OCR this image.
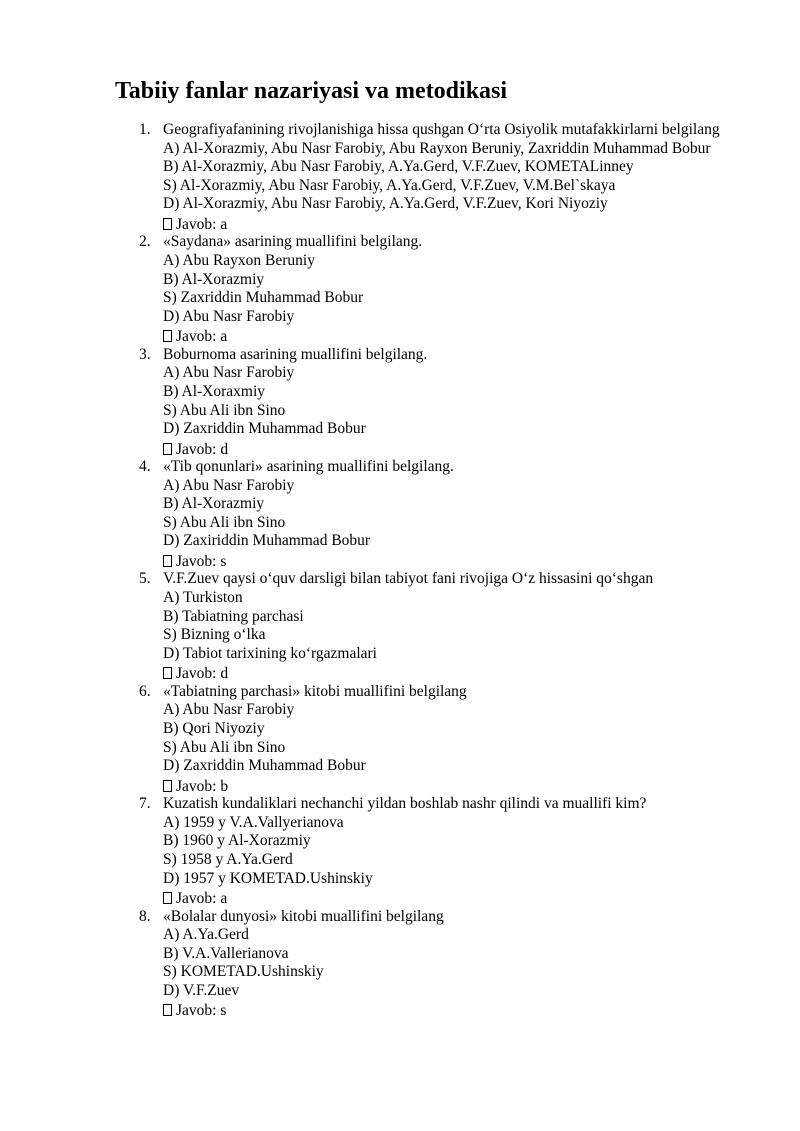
Tabiiy fanlar nazariyasi va metodikasi
1. Geografiyafanining rivojlanishiga hissa qushgan O‘rta Osiyolik mutafakkirlarni belgilang
A) Al-Xorazmiy, Abu Nasr Farobiy, Abu Rayxon Beruniy, Zaxriddin Muhammad Bobur
B) Al-Xorazmiy, Abu Nasr Farobiy, A.Ya.Gerd, V.F.Zuev, KOMETALinney
S) Al-Xorazmiy, Abu Nasr Farobiy, A.Ya.Gerd, V.F.Zuev, V.M.Bel`skaya
D) Al-Xorazmiy, Abu Nasr Farobiy, A.Ya.Gerd, V.F.Zuev, Kori Niyoziy
Javob: a
2. «Saydana» asarining muallifini belgilang.
A) Abu Rayxon Beruniy
B) Al-Xorazmiy
S) Zaxriddin Muhammad Bobur
D) Abu Nasr Farobiy
Javob: a
3. Boburnoma asarining muallifini belgilang.
A) Abu Nasr Farobiy
B) Al-Xoraxmiy
S) Abu Ali ibn Sino
D) Zaxriddin Muhammad Bobur
Javob: d
4. «Tib qonunlari» asarining muallifini belgilang.
A) Abu Nasr Farobiy
B) Al-Xorazmiy
S) Abu Ali ibn Sino
D) Zaxiriddin Muhammad Bobur
Javob: s
5. V.F.Zuev qaysi o‘quv darsligi bilan tabiyot fani rivojiga O‘z hissasini qo‘shgan
A) Turkiston
B) Tabiatning parchasi
S) Bizning o‘lka
D) Tabiot tarixining ko‘rgazmalari
Javob: d
6. «Tabiatning parchasi» kitobi muallifini belgilang
A) Abu Nasr Farobiy
B) Qori Niyoziy
S) Abu Ali ibn Sino
D) Zaxriddin Muhammad Bobur
Javob: b
7. Kuzatish kundaliklari nechanchi yildan boshlab nashr qilindi va muallifi kim?
A) 1959 y V.A.Vallyerianova
B) 1960 y Al-Xorazmiy
S) 1958 y A.Ya.Gerd
D) 1957 y KOMETAD.Ushinskiy
Javob: a
8. «Bolalar dunyosi» kitobi muallifini belgilang
A) A.Ya.Gerd
B) V.A.Vallerianova
S) KOMETAD.Ushinskiy
D) V.F.Zuev
Javob: s
